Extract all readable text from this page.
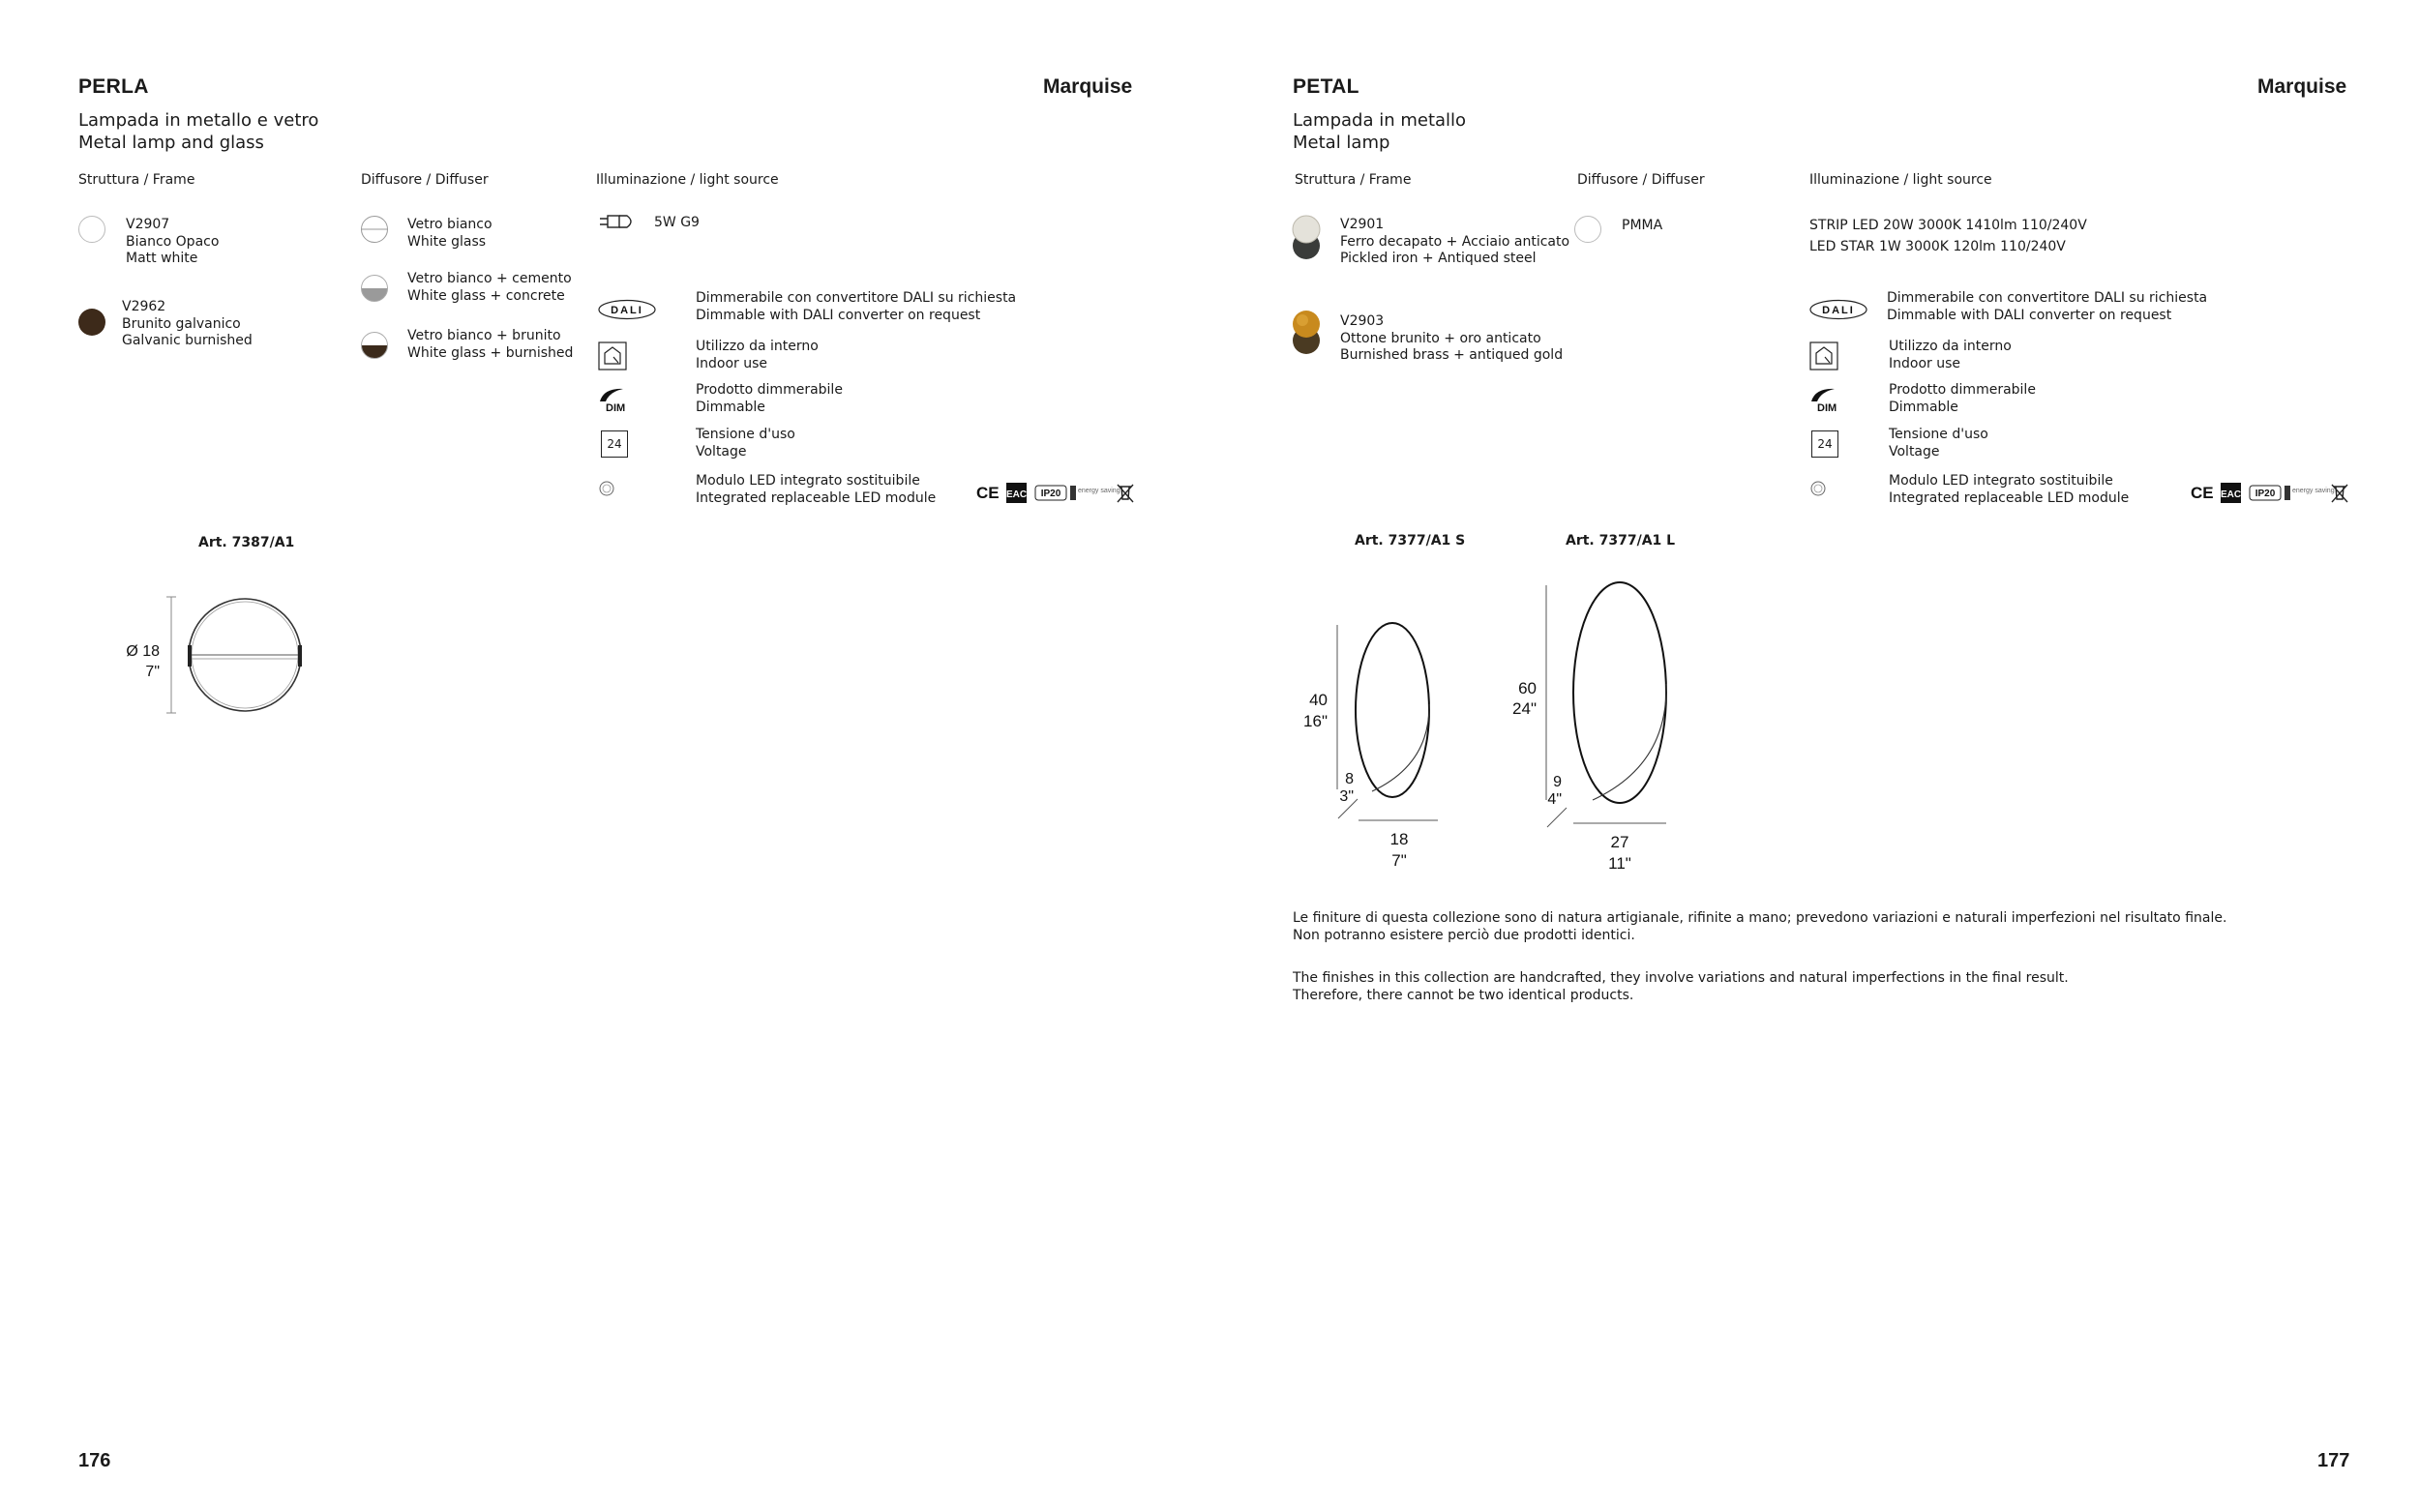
PERLA	Marquise
Lampada in metallo e vetro
Metal lamp and glass
Struttura / Frame	Diffusore / Diffuser	Illuminazione / light source
V2907
Bianco Opaco
Matt white
V2962
Brunito galvanico
Galvanic burnished
Vetro bianco
White glass
Vetro bianco + cemento
White glass + concrete
Vetro bianco + brunito
White glass + burnished
5W G9
DALI
Dimmerabile con convertitore DALI su richiesta
Dimmable with DALI converter on request
Utilizzo da interno
Indoor use
DIM
Prodotto dimmerabile
Dimmable
24
Tensione d'uso
Voltage
Modulo LED integrato sostituibile
Integrated replaceable LED module CE EAC IP20	energy saving
Art. 7387/A1
Ø 18
7"
176
PETAL	Marquise
Lampada in metallo
Metal lamp
Struttura / Frame	Diffusore / Diffuser	Illuminazione / light source
V2901
Ferro decapato + Acciaio anticato
Pickled iron + Antiqued steel
V2903
Ottone brunito + oro anticato
Burnished brass + antiqued gold
PMMA	STRIP LED 20W 3000K 1410lm 110/240V
LED STAR 1W 3000K 120lm 110/240V
DALI
Dimmerabile con convertitore DALI su richiesta
Dimmable with DALI converter on request
Utilizzo da interno
Indoor use
DIM
Prodotto dimmerabile
Dimmable
24
Tensione d'uso
Voltage
Modulo LED integrato sostituibile
Integrated replaceable LED module	CE EAC IP20	energy saving
Art. 7377/A1 S	Art. 7377/A1 L
40
16"
8
3"
18
7"
60
24"
9
4"
27
11"
Le finiture di questa collezione sono di natura artigianale, rifinite a mano; prevedono variazioni e naturali imperfezioni nel risultato finale.
Non potranno esistere perciò due prodotti identici.
The finishes in this collection are handcrafted, they involve variations and natural imperfections in the final result.
Therefore, there cannot be two identical products.
177
